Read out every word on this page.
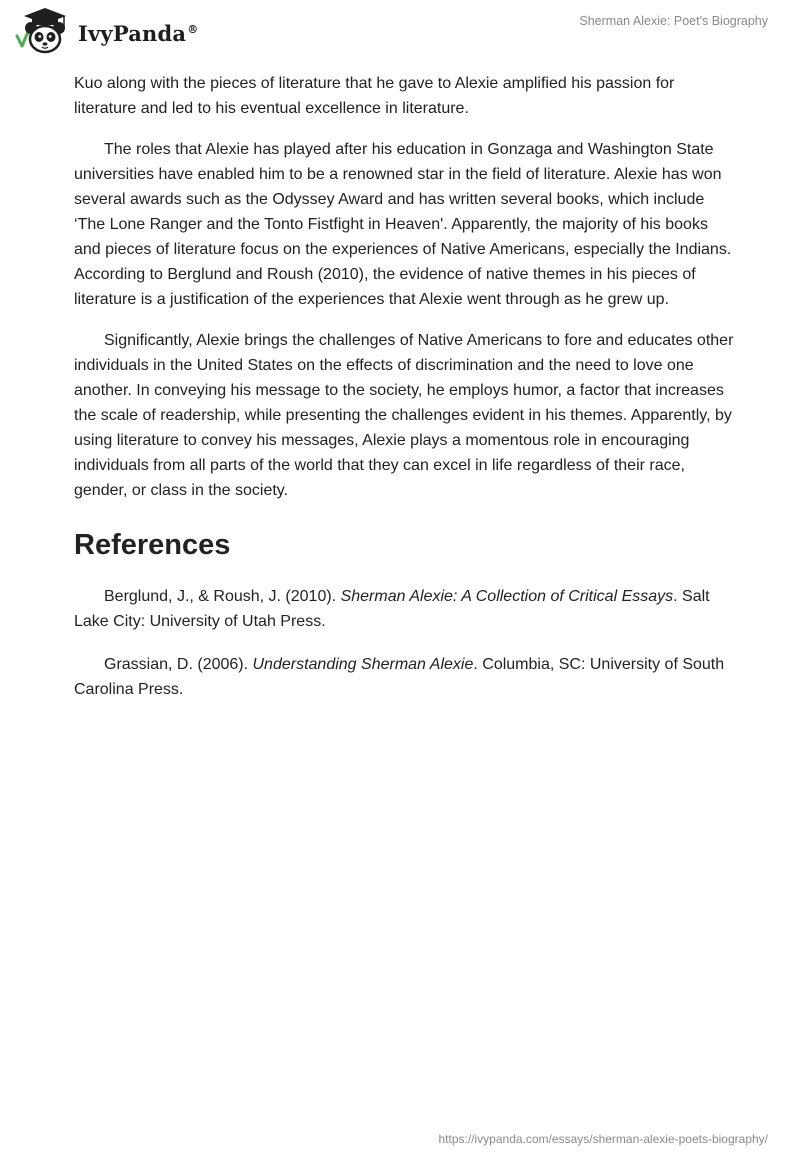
IvyPanda®
Sherman Alexie: Poet's Biography

Kuo along with the pieces of literature that he gave to Alexie amplified his passion for literature and led to his eventual excellence in literature.

The roles that Alexie has played after his education in Gonzaga and Washington State universities have enabled him to be a renowned star in the field of literature. Alexie has won several awards such as the Odyssey Award and has written several books, which include ‘The Lone Ranger and the Tonto Fistfight in Heaven'. Apparently, the majority of his books and pieces of literature focus on the experiences of Native Americans, especially the Indians. According to Berglund and Roush (2010), the evidence of native themes in his pieces of literature is a justification of the experiences that Alexie went through as he grew up.

Significantly, Alexie brings the challenges of Native Americans to fore and educates other individuals in the United States on the effects of discrimination and the need to love one another. In conveying his message to the society, he employs humor, a factor that increases the scale of readership, while presenting the challenges evident in his themes. Apparently, by using literature to convey his messages, Alexie plays a momentous role in encouraging individuals from all parts of the world that they can excel in life regardless of their race, gender, or class in the society.

References

Berglund, J., & Roush, J. (2010). Sherman Alexie: A Collection of Critical Essays. Salt Lake City: University of Utah Press.

Grassian, D. (2006). Understanding Sherman Alexie. Columbia, SC: University of South Carolina Press.

https://ivypanda.com/essays/sherman-alexie-poets-biography/
